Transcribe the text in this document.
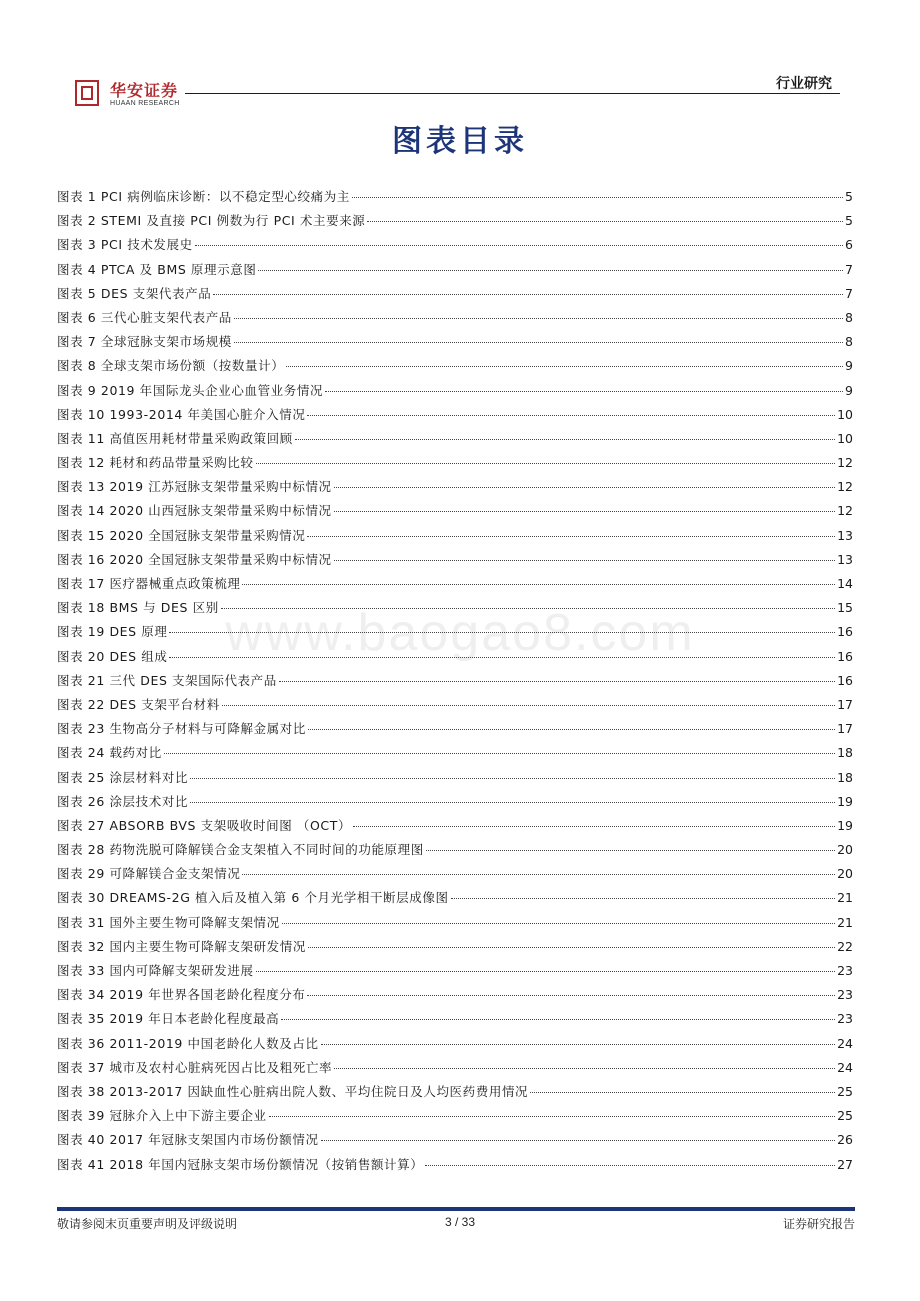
华安证券
HUAAN RESEARCH
行业研究
图表目录
www.baogao8.com
图表 1 PCI 病例临床诊断：以不稳定型心绞痛为主	5
图表 2 STEMI 及直接 PCI 例数为行 PCI 术主要来源	5
图表 3 PCI 技术发展史	6
图表 4 PTCA 及 BMS 原理示意图	7
图表 5 DES 支架代表产品	7
图表 6 三代心脏支架代表产品	8
图表 7 全球冠脉支架市场规模	8
图表 8 全球支架市场份额（按数量计）	9
图表 9 2019 年国际龙头企业心血管业务情况	9
图表 10 1993-2014 年美国心脏介入情况	10
图表 11 高值医用耗材带量采购政策回顾	10
图表 12 耗材和药品带量采购比较	12
图表 13 2019 江苏冠脉支架带量采购中标情况	12
图表 14 2020 山西冠脉支架带量采购中标情况	12
图表 15 2020 全国冠脉支架带量采购情况	13
图表 16 2020 全国冠脉支架带量采购中标情况	13
图表 17 医疗器械重点政策梳理	14
图表 18 BMS 与 DES 区别	15
图表 19 DES 原理	16
图表 20 DES 组成	16
图表 21 三代 DES 支架国际代表产品	16
图表 22 DES 支架平台材料	17
图表 23 生物高分子材料与可降解金属对比	17
图表 24 载药对比	18
图表 25 涂层材料对比	18
图表 26 涂层技术对比	19
图表 27 ABSORB BVS 支架吸收时间图 （OCT）	19
图表 28 药物洗脱可降解镁合金支架植入不同时间的功能原理图	20
图表 29 可降解镁合金支架情况	20
图表 30 DREAMS-2G 植入后及植入第 6 个月光学相干断层成像图	21
图表 31 国外主要生物可降解支架情况	21
图表 32 国内主要生物可降解支架研发情况	22
图表 33 国内可降解支架研发进展	23
图表 34 2019 年世界各国老龄化程度分布	23
图表 35 2019 年日本老龄化程度最高	23
图表 36 2011-2019 中国老龄化人数及占比	24
图表 37 城市及农村心脏病死因占比及粗死亡率	24
图表 38 2013-2017 因缺血性心脏病出院人数、平均住院日及人均医药费用情况	25
图表 39 冠脉介入上中下游主要企业	25
图表 40 2017 年冠脉支架国内市场份额情况	26
图表 41 2018 年国内冠脉支架市场份额情况（按销售额计算）	27
敬请参阅末页重要声明及评级说明	3 / 33	证券研究报告
